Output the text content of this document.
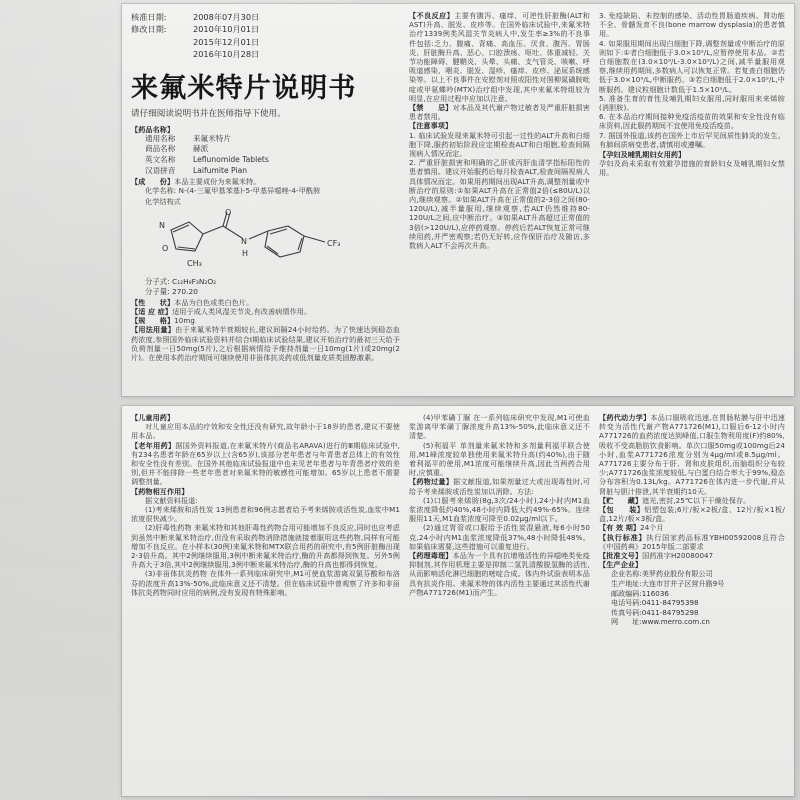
核准日期:	2008年07月30日
修改日期:	2010年10月01日
2015年12月01日
2016年10月28日
来氟米特片说明书
请仔细阅读说明书并在医师指导下使用。
【药品名称】
通用名称 来氟米特片
商品名称 赫派
英文名称 Leflunomide Tablets
汉语拼音 Laifumite Pian
【成　　份】本品主要成份为来氟米特。
化学名称: N-(4-三氟甲基苯基)-5-甲基异噁唑-4-甲酰胺
化学结构式
N
O
CH₃
O
N
H
CF₃
分子式: C₁₂H₉F₃N₂O₂
分子量: 270.20
【性　　状】本品为白色或类白色片。
【适 应 症】适用于成人类风湿关节炎,有改善病情作用。
【规　　格】10mg
【用法用量】由于来氟米特半衰期较长,建议间隔24小时给药。为了快速达到稳态血药浓度,参照国外临床试验资料并结合Ⅰ期临床试验结果,建议开始治疗的最初三天给予负荷剂量一日50mg(5片),之后根据病情给予维持剂量一日10mg(1片)或20mg(2片)。在使用本药治疗期间可继续使用非甾体抗炎药或低剂量皮质类固醇激素。
【不良反应】主要有腹泻、瘙痒、可逆性肝脏酶(ALT和AST)升高、脱发、皮疹等。在国外临床试验中,来氟米特治疗1339例类风湿关节炎病人中,发生率≥3%的不良事件包括:乏力、腹痛、背痛、高血压、厌食、腹泻、胃肠炎、肝脏酶升高、恶心、口腔溃疡、呕吐、体重减轻、关节功能障碍、腱鞘炎、头晕、头痛、支气管炎、咳嗽、呼吸道感染、咽炎、脱发、湿疹、瘙痒、皮疹、泌尿系统感染等。以上不良事件在安慰剂对照或阳性对照柳氮磺胺吡啶或甲氨蝶呤(MTX)治疗组中发现,其中来氟米特组较为明显,在应用过程中应加以注意。
【禁　　忌】对本品及其代谢产物过敏者及严重肝脏损害患者禁用。
【注意事项】
1. 临床试验发现来氟米特可引起一过性的ALT升高和白细胞下降,服药初始阶段应定期检查ALT和白细胞,检查间隔视病人情况而定。
2. 严重肝脏损害和明确的乙肝或丙肝血清学指标阳性的患者慎用。建议开始服药后每月检查ALT,检查间隔视病人具体情况而定。如果用药期间出现ALT升高,调整剂量或中断治疗的原则:①如果ALT升高在正常值2倍(≤80U/L)以内,继续观察。②如果ALT升高在正常值的2-3倍之间(80-120U/L),减半量服用,继续观察,若ALT仍然维持80-120U/L之间,应中断治疗。③如果ALT升高超过正常值的3倍(>120U/L),应停药观察。停药后若ALT恢复正常可继续用药,并严密观察;若仍无好转,应作保肝治疗及随访,多数病人ALT不会再次升高。
3. 免疫缺陷、未控制的感染、活动性胃肠道疾病、肾功能不全、骨髓发育不良(bone marrow dysplasia)的患者慎用。
4. 如果服用期间出现白细胞下降,调整剂量或中断治疗的原则如下:①者白细胞低于3.0×10⁹/L,应暂停使用本品。②若白细胞数在(3.0×10⁹/L-3.0×10⁹/L)之间,减半量服用观察,继续用药期间,多数病人可以恢复正常。若复查白细胞仍低于3.0×10⁹/L,中断服药。③若白细胞低于2.0×10⁹/L,中断服药。建议粒细胞计数低于1.5×10⁹/L。
5. 准备生育的育性及哺乳期妇女服用,同时服用来来烯胺(消胆胺)。
6. 在本品治疗期间接种免疫活疫苗的效果和安全性没有临床资料,因此服药期间不宜使用免疫活疫苗。
7. 据国外报道,该药在国外上市后罕见间质性肺炎的发生。有肺间质病变患者,请慎用或遵嘱。
【孕妇及哺乳期妇女用药】
孕妇及尚未采取有效避孕措施的育龄妇女及哺乳期妇女禁用。
【儿童用药】
对儿童应用本品的疗效和安全性还没有研究,故年龄小于18岁的患者,建议不要使用本品。
【老年用药】据国外资料报道,在来氟米特片(商品名ARAVA)进行的Ⅲ期临床试验中,有234名患者年龄在65岁以上(含65岁),该部分老年患者与年青患者总体上的有效性和安全性没有差别。在国外其他临床试验报道中也未见老年患者与年青患者疗效的差别,但并不能排除一些老年患者对来氟米特的敏感性可能增加。65岁以上患者不需要调整剂量。
【药物相互作用】
据文献资料报道:
(1)考来烯胺和活性炭 13例患者和96例志愿者给予考来烯胺或活性炭,血浆中M1浓度很快减少。
(2)肝毒性药物 来氟米特和其他肝毒性药物合用可能增加不良反应,同时也应考虑到虽然中断来氟米特治疗,但没有采取药物消除措施就接着服用这些药物,同样有可能增加不良反应。在小样本(30例)来氟米特和MTX联合用药的研究中,有5例肝脏酶出现2-3倍升高。其中2例继续服用,3例中断来氟米特治疗,酶的升高都得到恢复。另外5例升高大于3倍,其中2例继续服用,3例中断来氟米特治疗,酶的升高也都得到恢复。
(3)非甾体抗炎药物 在体外一系列临床研究中,M1可使血浆游离双氯芬酸和布洛芬的浓度升高13%-50%,此临床意义还不清楚。但在临床试验中曾观察了许多和非甾体抗炎药物同时应用的病例,没有发现有特殊影响。
(4)甲苯磺丁脲 在一系列临床研究中发现,M1可使血浆游离甲苯磺丁脲浓度升高13%-50%,此临床意义还不清楚。
(5)利福平 单剂量来氟米特和多剂量利福平联合使用,M1峰浓度较单独使用来氟米特升高(约40%),由于随着利福平的使用,M1浓度可能继续升高,因此当两药合用时,应慎重。
【药物过量】据文献报道,如果剂量过大或出现毒性时,可给予考来烯胺或活性炭加以消除。方法:
(1)口服考来烯胺(8g,3次/24小时),24小时内M1血浆浓度降低约40%,48小时内降低大约49%-65%。连续服用11天,M1血浆浓度可降至0.02μg/ml以下。
(2)通过胃管或口服给予活性炭混悬液,每6小时50克,24小时内M1血浆浓度降低37%,48小时降低48%。如果临床需要,这些措施可以重复进行。
【药理毒理】本品为一个具有抗增殖活性的异噁唑类免疫抑制剂,其作用机理主要是抑制二氢乳清酸脱氢酶的活性,从而影响活化淋巴细胞的嘧啶合成。体内外试验表明本品具有抗炎作用。来氟米特的体内活性主要通过其活性代谢产物A771726(M1)而产生。
【药代动力学】本品口服吸收迅速,在胃肠粘膜与肝中迅速转变为活性代谢产物A771726(M1),口服后6-12小时内A771726的血药浓度达到峰值,口服生物利用度(F)约80%,吸收不受高脂肪饮食影响。单次口服50mg或100mg后24小时,血浆A771726浓度分别为4μg/ml或8.5μg/ml。A771726主要分布于肝、肾和皮肤组织,而脑组织分布较少;A771726血浆浓度较低,与白蛋白结合率大于99%,稳态分布容积为0.13L/kg。A771726在体内进一步代谢,并从肾脏与胆汁排泄,其半衰期约10天。
【贮　　藏】遮光,密封,25℃以下干燥处保存。
【包　　装】铝塑包装;6片/板×2板/盒、12片/板×1板/盒,12片/板×3板/盒。
【有 效 期】24个月
【执行标准】执行国家药品标准YBH00592008且符合《中国药典》2015年版二部要求
【批准文号】国药准字H20080047
【生产企业】
企业名称:美罗药业股份有限公司
生产地址:大连市甘井子区营升路9号
邮政编码:116036
电话号码:0411-84795398
传真号码:0411-84795298
网　　址:www.merro.com.cn
